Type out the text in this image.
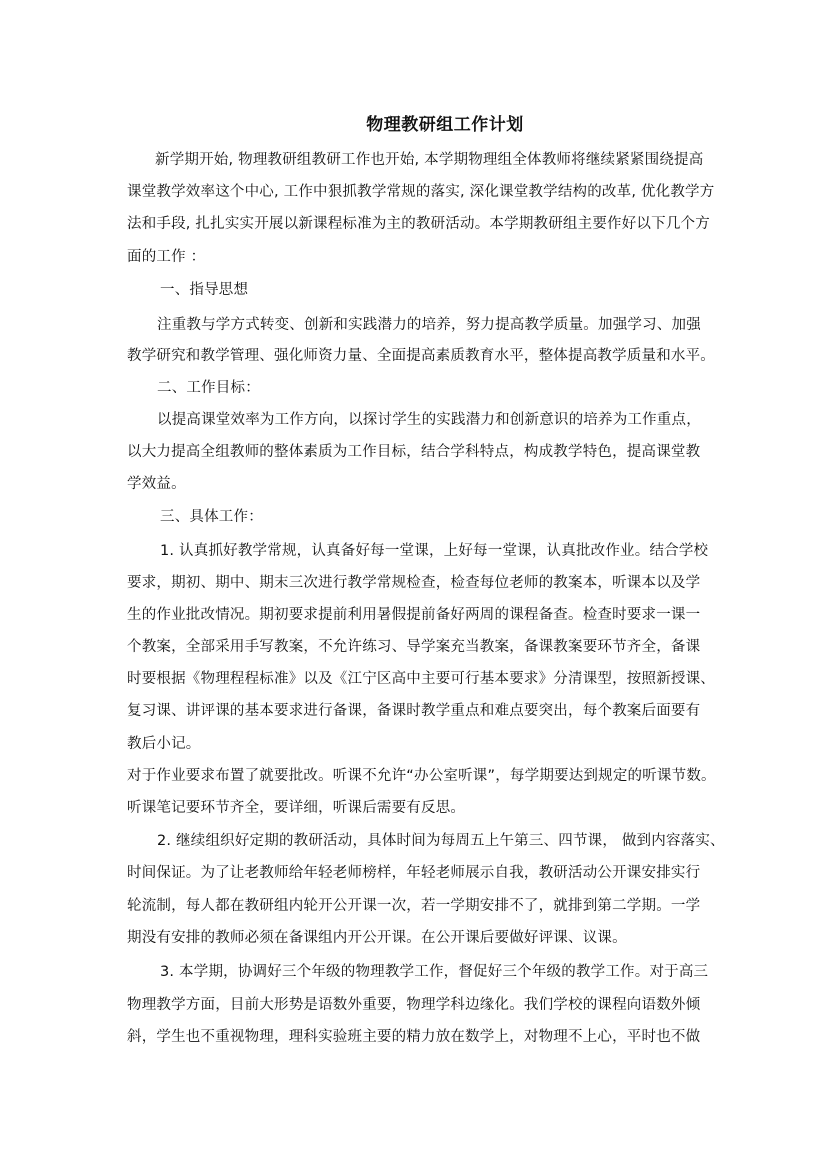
物理教研组工作计划
新学期开始, 物理教研组教研工作也开始, 本学期物理组全体教师将继续紧紧围绕提高
课堂教学效率这个中心, 工作中狠抓教学常规的落实, 深化课堂教学结构的改革, 优化教学方
法和手段, 扎扎实实开展以新课程标准为主的教研活动。本学期教研组主要作好以下几个方
面的工作 ：
一、指导思想
注重教与学方式转变、创新和实践潜力的培养，努力提高教学质量。加强学习、加强
教学研究和教学管理、强化师资力量、全面提高素质教育水平，整体提高教学质量和水平。
二、工作目标：
以提高课堂效率为工作方向，以探讨学生的实践潜力和创新意识的培养为工作重点，
以大力提高全组教师的整体素质为工作目标，结合学科特点，构成教学特色，提高课堂教
学效益。
三、具体工作：
1. 认真抓好教学常规，认真备好每一堂课，上好每一堂课，认真批改作业。结合学校
要求，期初、期中、期末三次进行教学常规检查，检查每位老师的教案本，听课本以及学
生的作业批改情况。期初要求提前利用暑假提前备好两周的课程备查。检查时要求一课一
个教案，全部采用手写教案，不允许练习、导学案充当教案，备课教案要环节齐全，备课
时要根据《物理程程标准》以及《江宁区高中主要可行基本要求》分清课型，按照新授课、
复习课、讲评课的基本要求进行备课，备课时教学重点和难点要突出，每个教案后面要有
教后小记。
对于作业要求布置了就要批改。听课不允许“办公室听课”，每学期要达到规定的听课节数。
听课笔记要环节齐全，要详细，听课后需要有反思。
2. 继续组织好定期的教研活动，具体时间为每周五上午第三、四节课， 做到内容落实、
时间保证。为了让老教师给年轻老师榜样，年轻老师展示自我，教研活动公开课安排实行
轮流制，每人都在教研组内轮开公开课一次，若一学期安排不了，就排到第二学期。一学
期没有安排的教师必须在备课组内开公开课。在公开课后要做好评课、议课。
3. 本学期，协调好三个年级的物理教学工作，督促好三个年级的教学工作。对于高三
物理教学方面，目前大形势是语数外重要，物理学科边缘化。我们学校的课程向语数外倾
斜，学生也不重视物理，理科实验班主要的精力放在数学上，对物理不上心，平时也不做
